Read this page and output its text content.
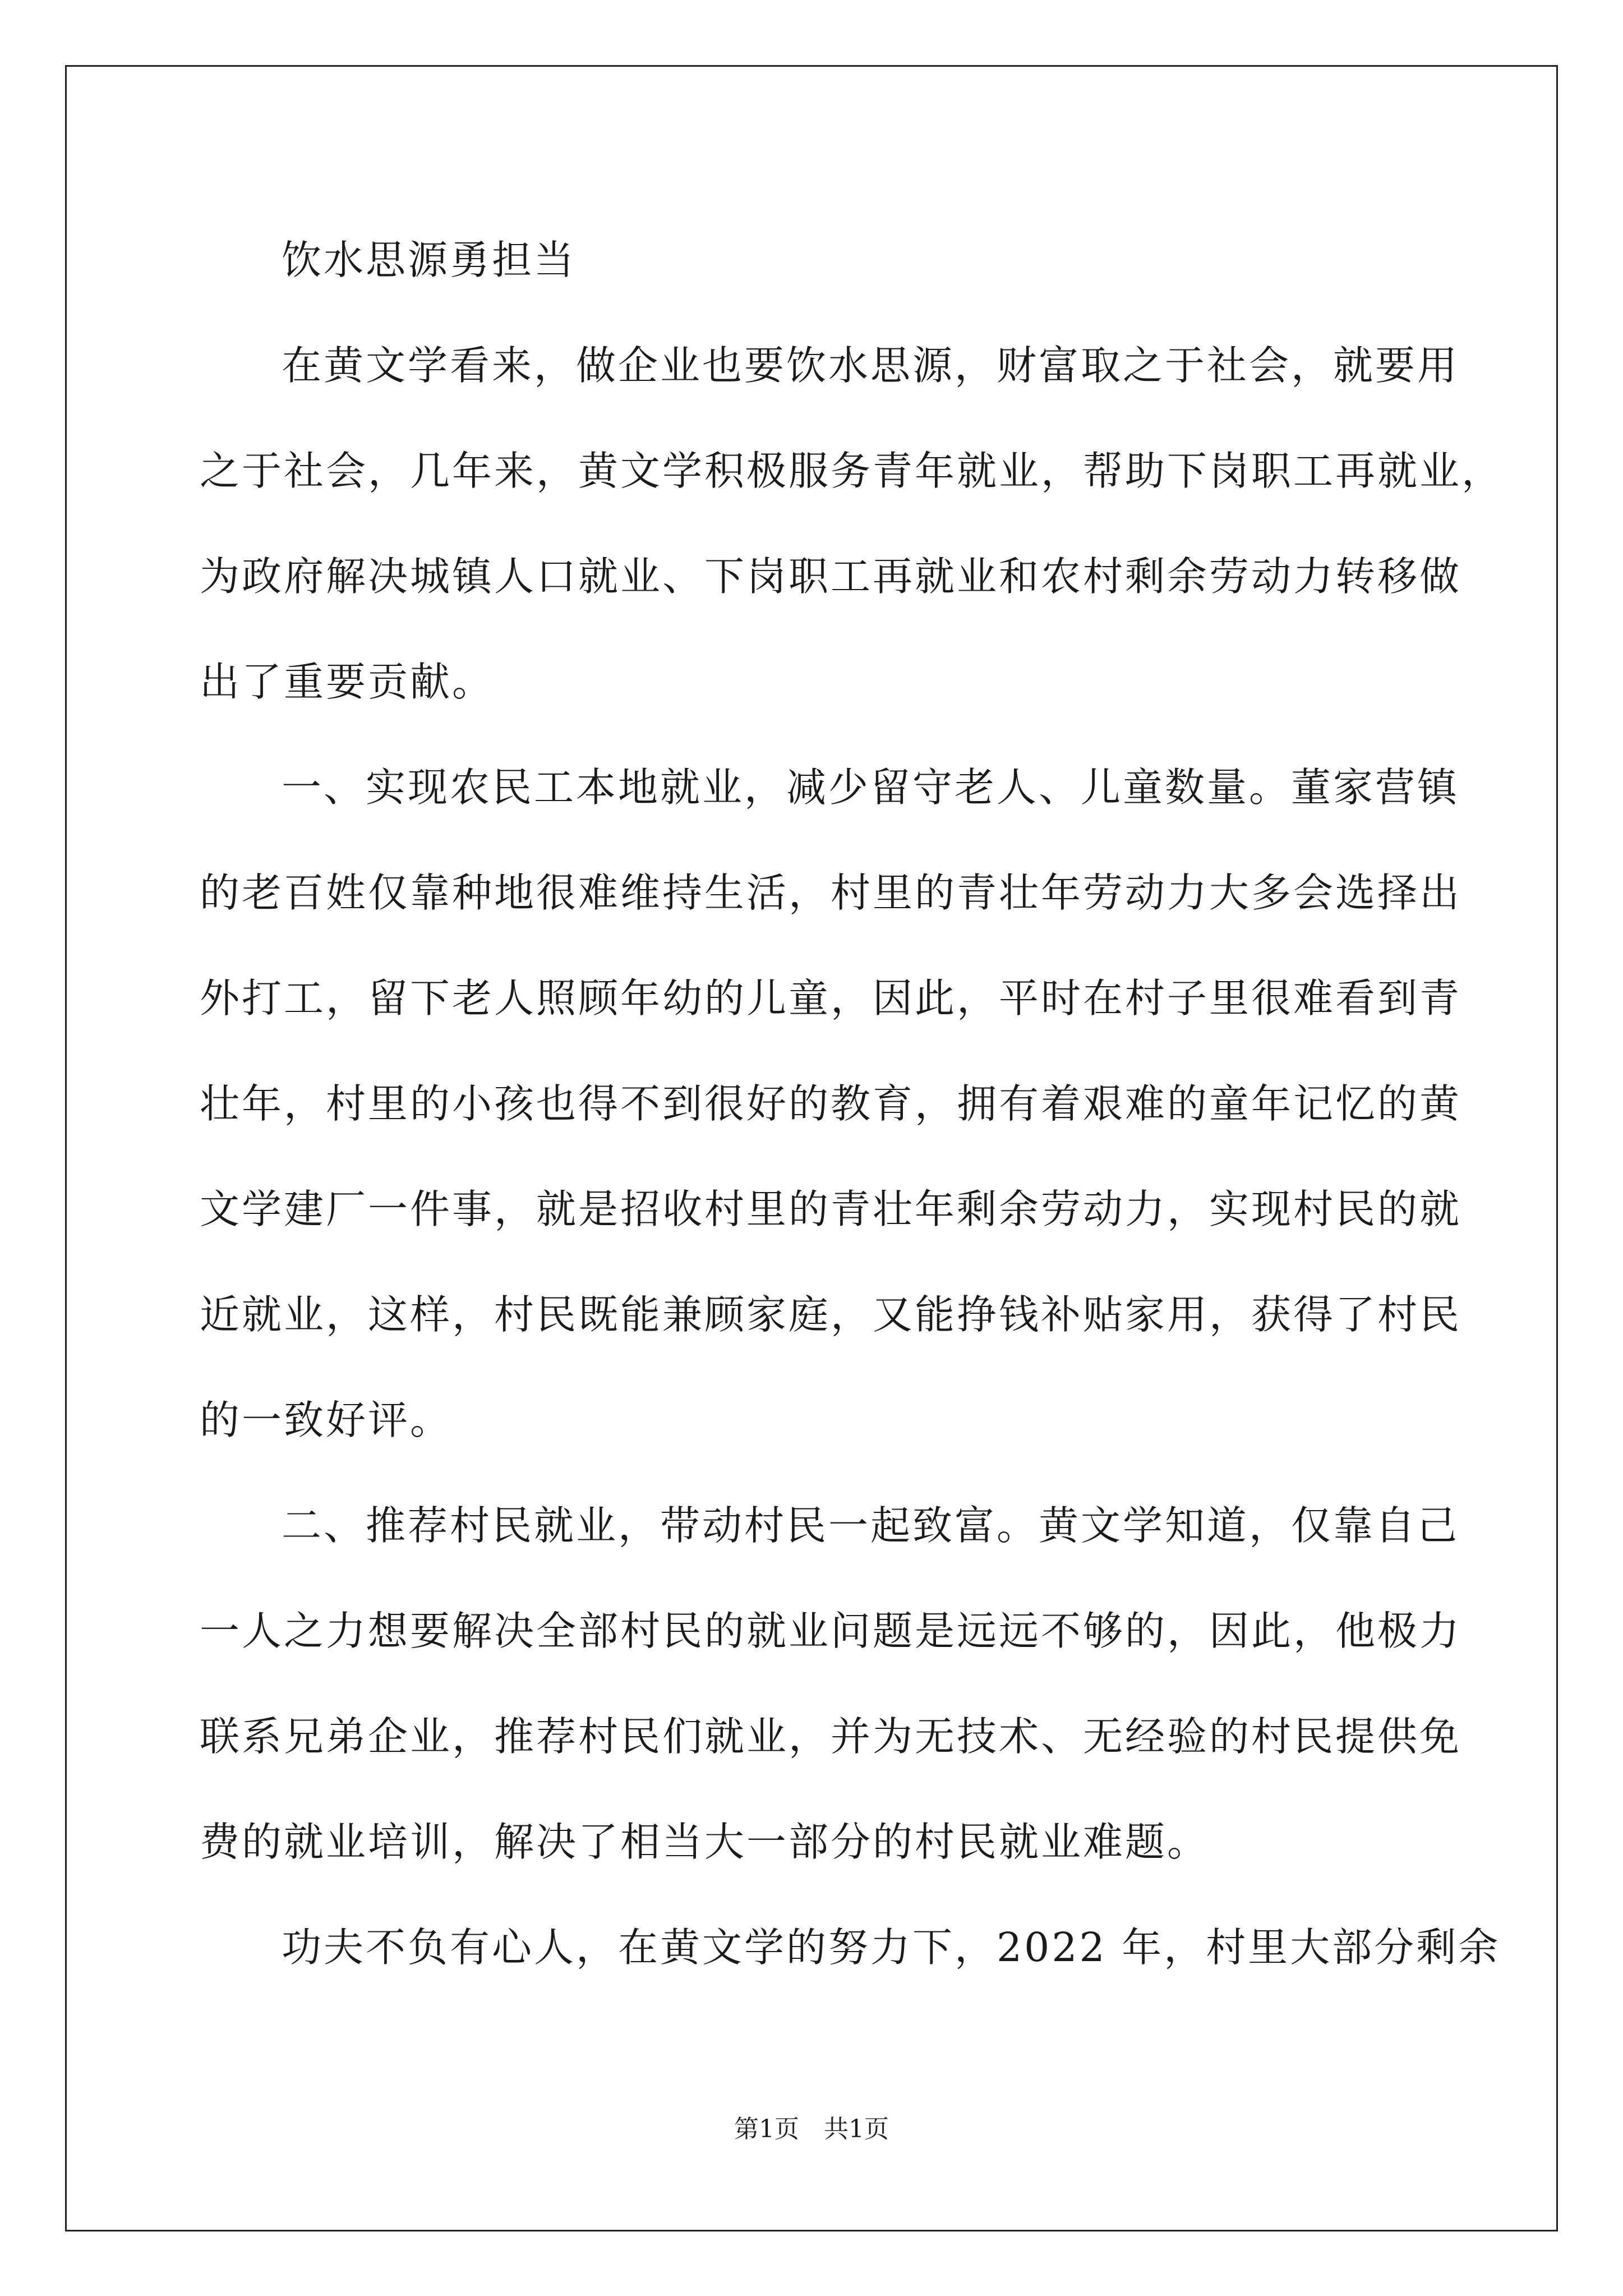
饮水思源勇担当
在黄文学看来，做企业也要饮水思源，财富取之于社会，就要用
之于社会，几年来，黄文学积极服务青年就业，帮助下岗职工再就业，
为政府解决城镇人口就业、下岗职工再就业和农村剩余劳动力转移做
出了重要贡献。
一、实现农民工本地就业，减少留守老人、儿童数量。董家营镇
的老百姓仅靠种地很难维持生活，村里的青壮年劳动力大多会选择出
外打工，留下老人照顾年幼的儿童，因此，平时在村子里很难看到青
壮年，村里的小孩也得不到很好的教育，拥有着艰难的童年记忆的黄
文学建厂一件事，就是招收村里的青壮年剩余劳动力，实现村民的就
近就业，这样，村民既能兼顾家庭，又能挣钱补贴家用，获得了村民
的一致好评。
二、推荐村民就业，带动村民一起致富。黄文学知道，仅靠自己
一人之力想要解决全部村民的就业问题是远远不够的，因此，他极力
联系兄弟企业，推荐村民们就业，并为无技术、无经验的村民提供免
费的就业培训，解决了相当大一部分的村民就业难题。
功夫不负有心人，在黄文学的努力下，2022 年，村里大部分剩余
第1页　共1页
